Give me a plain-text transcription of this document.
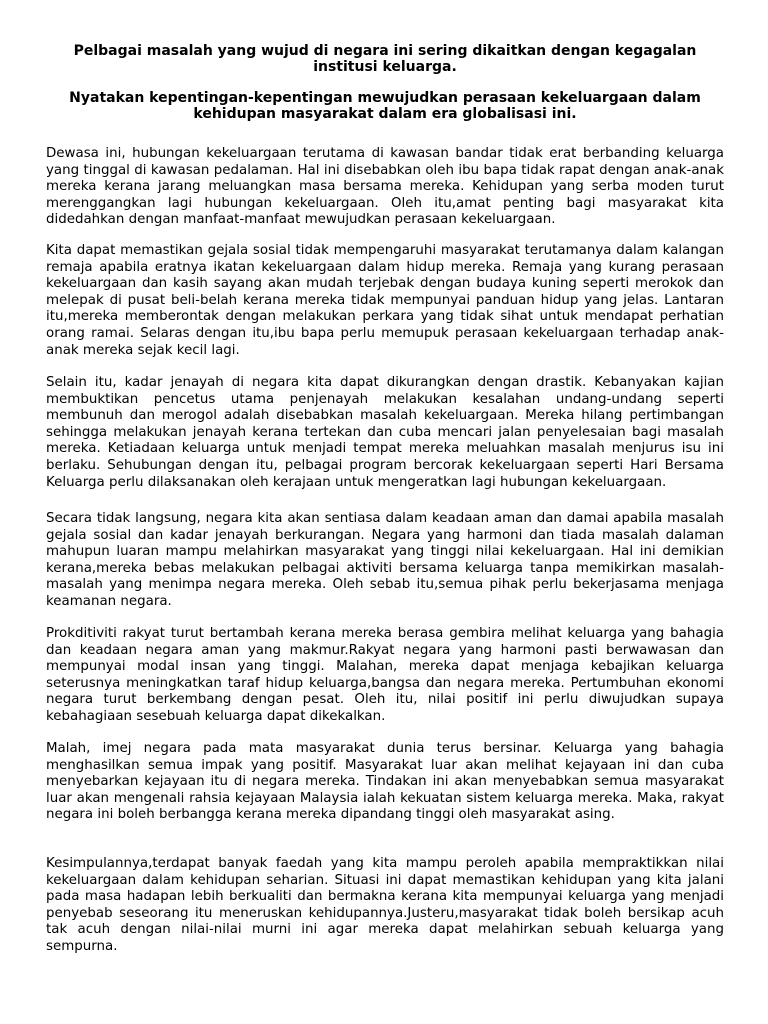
Pelbagai masalah yang wujud di negara ini sering dikaitkan dengan kegagalan institusi keluarga.

Nyatakan kepentingan-kepentingan mewujudkan perasaan kekeluargaan dalam kehidupan masyarakat dalam era globalisasi ini.

Dewasa ini, hubungan kekeluargaan terutama di kawasan bandar tidak erat berbanding keluarga yang tinggal di kawasan pedalaman. Hal ini disebabkan oleh ibu bapa tidak rapat dengan anak-anak mereka kerana jarang meluangkan masa bersama mereka. Kehidupan yang serba moden turut merenggangkan lagi hubungan kekeluargaan. Oleh itu,amat penting bagi masyarakat kita didedahkan dengan manfaat-manfaat mewujudkan perasaan kekeluargaan.

Kita dapat memastikan gejala sosial tidak mempengaruhi masyarakat terutamanya dalam kalangan remaja apabila eratnya ikatan kekeluargaan dalam hidup mereka. Remaja yang kurang perasaan kekeluargaan dan kasih sayang akan mudah terjebak dengan budaya kuning seperti merokok dan melepak di pusat beli-belah kerana mereka tidak mempunyai panduan hidup yang jelas. Lantaran itu,mereka memberontak dengan melakukan perkara yang tidak sihat untuk mendapat perhatian orang ramai. Selaras dengan itu,ibu bapa perlu memupuk perasaan kekeluargaan terhadap anak-anak mereka sejak kecil lagi.

Selain itu, kadar jenayah di negara kita dapat dikurangkan dengan drastik. Kebanyakan kajian membuktikan pencetus utama penjenayah melakukan kesalahan undang-undang seperti membunuh dan merogol adalah disebabkan masalah kekeluargaan. Mereka hilang pertimbangan sehingga melakukan jenayah kerana tertekan dan cuba mencari jalan penyelesaian bagi masalah mereka. Ketiadaan keluarga untuk menjadi tempat mereka meluahkan masalah menjurus isu ini berlaku. Sehubungan dengan itu, pelbagai program bercorak kekeluargaan seperti Hari Bersama Keluarga perlu dilaksanakan oleh kerajaan untuk mengeratkan lagi hubungan kekeluargaan.

Secara tidak langsung, negara kita akan sentiasa dalam keadaan aman dan damai apabila masalah gejala sosial dan kadar jenayah berkurangan. Negara yang harmoni dan tiada masalah dalaman mahupun luaran mampu melahirkan masyarakat yang tinggi nilai kekeluargaan. Hal ini demikian kerana,mereka bebas melakukan pelbagai aktiviti bersama keluarga tanpa memikirkan masalah-masalah yang menimpa negara mereka. Oleh sebab itu,semua pihak perlu bekerjasama menjaga keamanan negara.

Prokditiviti rakyat turut bertambah kerana mereka berasa gembira melihat keluarga yang bahagia dan keadaan negara aman yang makmur.Rakyat negara yang harmoni pasti berwawasan dan mempunyai modal insan yang tinggi. Malahan, mereka dapat menjaga kebajikan keluarga seterusnya meningkatkan taraf hidup keluarga,bangsa dan negara mereka. Pertumbuhan ekonomi negara turut berkembang dengan pesat. Oleh itu, nilai positif ini perlu diwujudkan supaya kebahagiaan sesebuah keluarga dapat dikekalkan.

Malah, imej negara pada mata masyarakat dunia terus bersinar. Keluarga yang bahagia menghasilkan semua impak yang positif. Masyarakat luar akan melihat kejayaan ini dan cuba menyebarkan kejayaan itu di negara mereka. Tindakan ini akan menyebabkan semua masyarakat luar akan mengenali rahsia kejayaan Malaysia ialah kekuatan sistem keluarga mereka. Maka, rakyat negara ini boleh berbangga kerana mereka dipandang tinggi oleh masyarakat asing.

Kesimpulannya,terdapat banyak faedah yang kita mampu peroleh apabila mempraktikkan nilai kekeluargaan dalam kehidupan seharian. Situasi ini dapat memastikan kehidupan yang kita jalani pada masa hadapan lebih berkualiti dan bermakna kerana kita mempunyai keluarga yang menjadi penyebab seseorang itu meneruskan kehidupannya.Justeru,masyarakat tidak boleh bersikap acuh tak acuh dengan nilai-nilai murni ini agar mereka dapat melahirkan sebuah keluarga yang sempurna.
